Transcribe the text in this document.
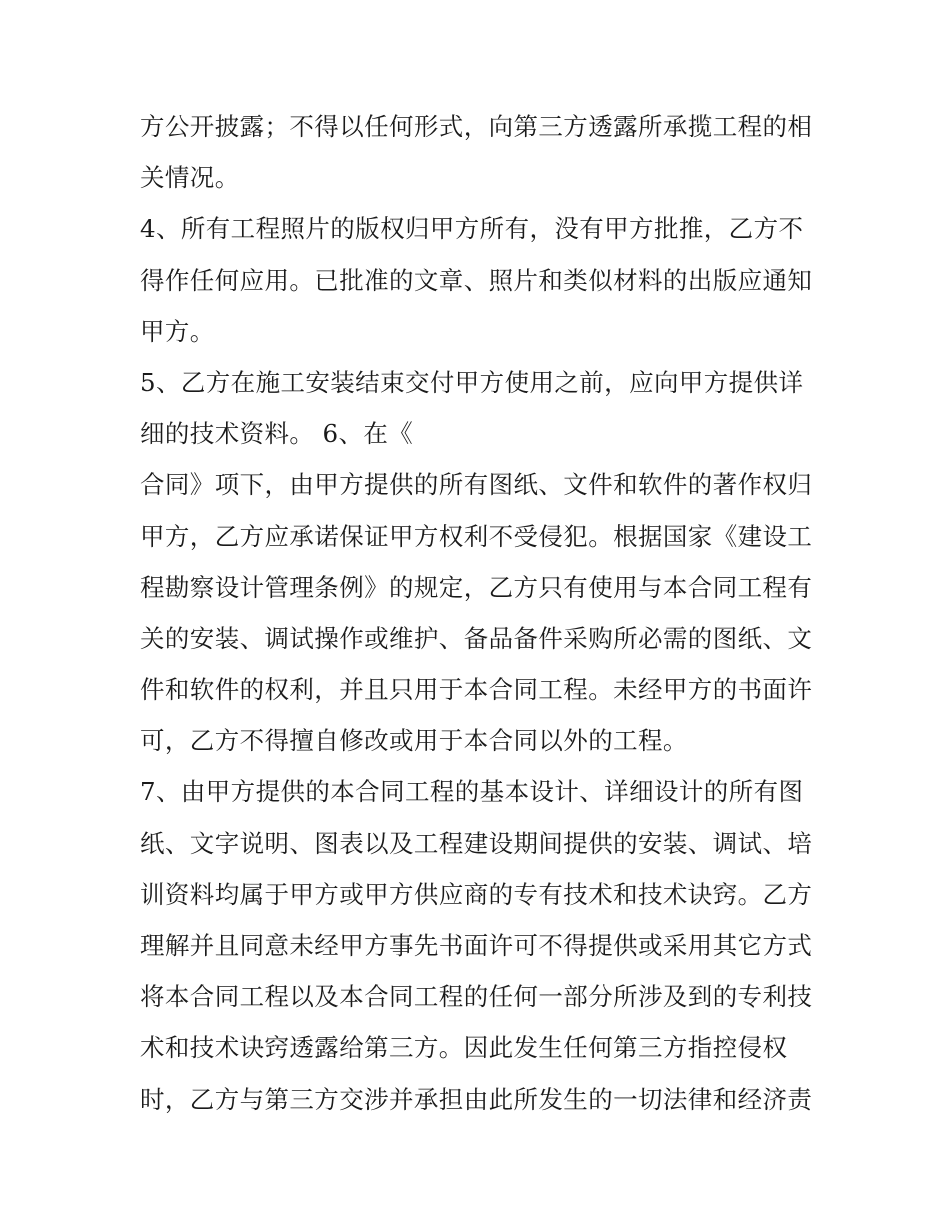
方公开披露；不得以任何形式，向第三方透露所承揽工程的相
关情况。
4、所有工程照片的版权归甲方所有，没有甲方批推，乙方不
得作任何应用。已批准的文章、照片和类似材料的出版应通知
甲方。
5、乙方在施工安装结束交付甲方使用之前，应向甲方提供详
细的技术资料。 6、在《
合同》项下，由甲方提供的所有图纸、文件和软件的著作权归
甲方，乙方应承诺保证甲方权利不受侵犯。根据国家《建设工
程勘察设计管理条例》的规定，乙方只有使用与本合同工程有
关的安装、调试操作或维护、备品备件采购所必需的图纸、文
件和软件的权利，并且只用于本合同工程。未经甲方的书面许
可，乙方不得擅自修改或用于本合同以外的工程。
7、由甲方提供的本合同工程的基本设计、详细设计的所有图
纸、文字说明、图表以及工程建设期间提供的安装、调试、培
训资料均属于甲方或甲方供应商的专有技术和技术诀窍。乙方
理解并且同意未经甲方事先书面许可不得提供或采用其它方式
将本合同工程以及本合同工程的任何一部分所涉及到的专利技
术和技术诀窍透露给第三方。因此发生任何第三方指控侵权
时，乙方与第三方交涉并承担由此所发生的一切法律和经济责
